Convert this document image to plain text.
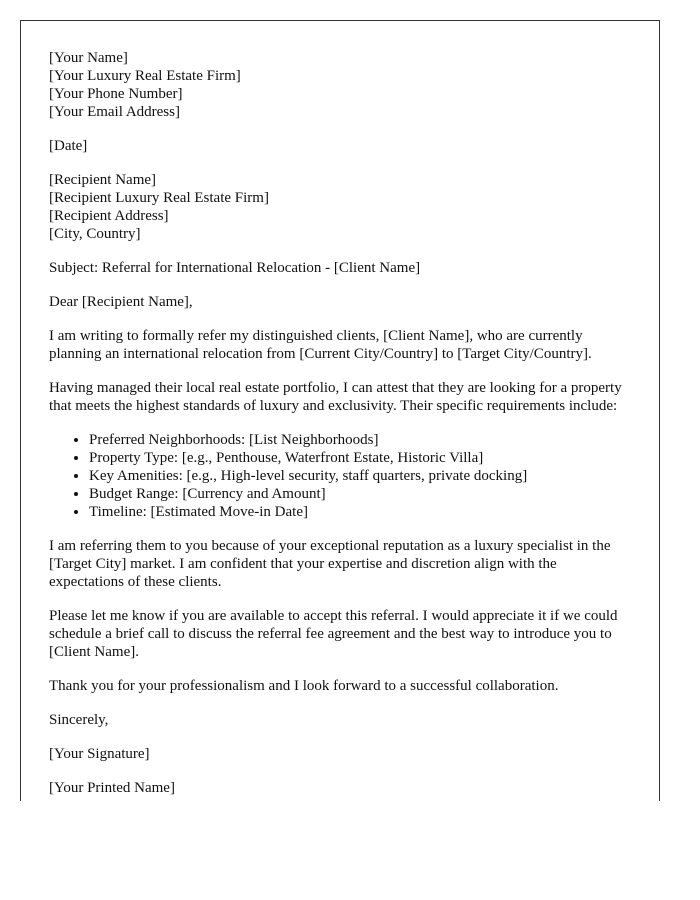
[Your Name]
[Your Luxury Real Estate Firm]
[Your Phone Number]
[Your Email Address]

[Date]

[Recipient Name]
[Recipient Luxury Real Estate Firm]
[Recipient Address]
[City, Country]

Subject: Referral for International Relocation - [Client Name]

Dear [Recipient Name],

I am writing to formally refer my distinguished clients, [Client Name], who are currently planning an international relocation from [Current City/Country] to [Target City/Country].

Having managed their local real estate portfolio, I can attest that they are looking for a property that meets the highest standards of luxury and exclusivity. Their specific requirements include:

• Preferred Neighborhoods: [List Neighborhoods]
• Property Type: [e.g., Penthouse, Waterfront Estate, Historic Villa]
• Key Amenities: [e.g., High-level security, staff quarters, private docking]
• Budget Range: [Currency and Amount]
• Timeline: [Estimated Move-in Date]

I am referring them to you because of your exceptional reputation as a luxury specialist in the [Target City] market. I am confident that your expertise and discretion align with the expectations of these clients.

Please let me know if you are available to accept this referral. I would appreciate it if we could schedule a brief call to discuss the referral fee agreement and the best way to introduce you to [Client Name].

Thank you for your professionalism and I look forward to a successful collaboration.

Sincerely,

[Your Signature]

[Your Printed Name]
